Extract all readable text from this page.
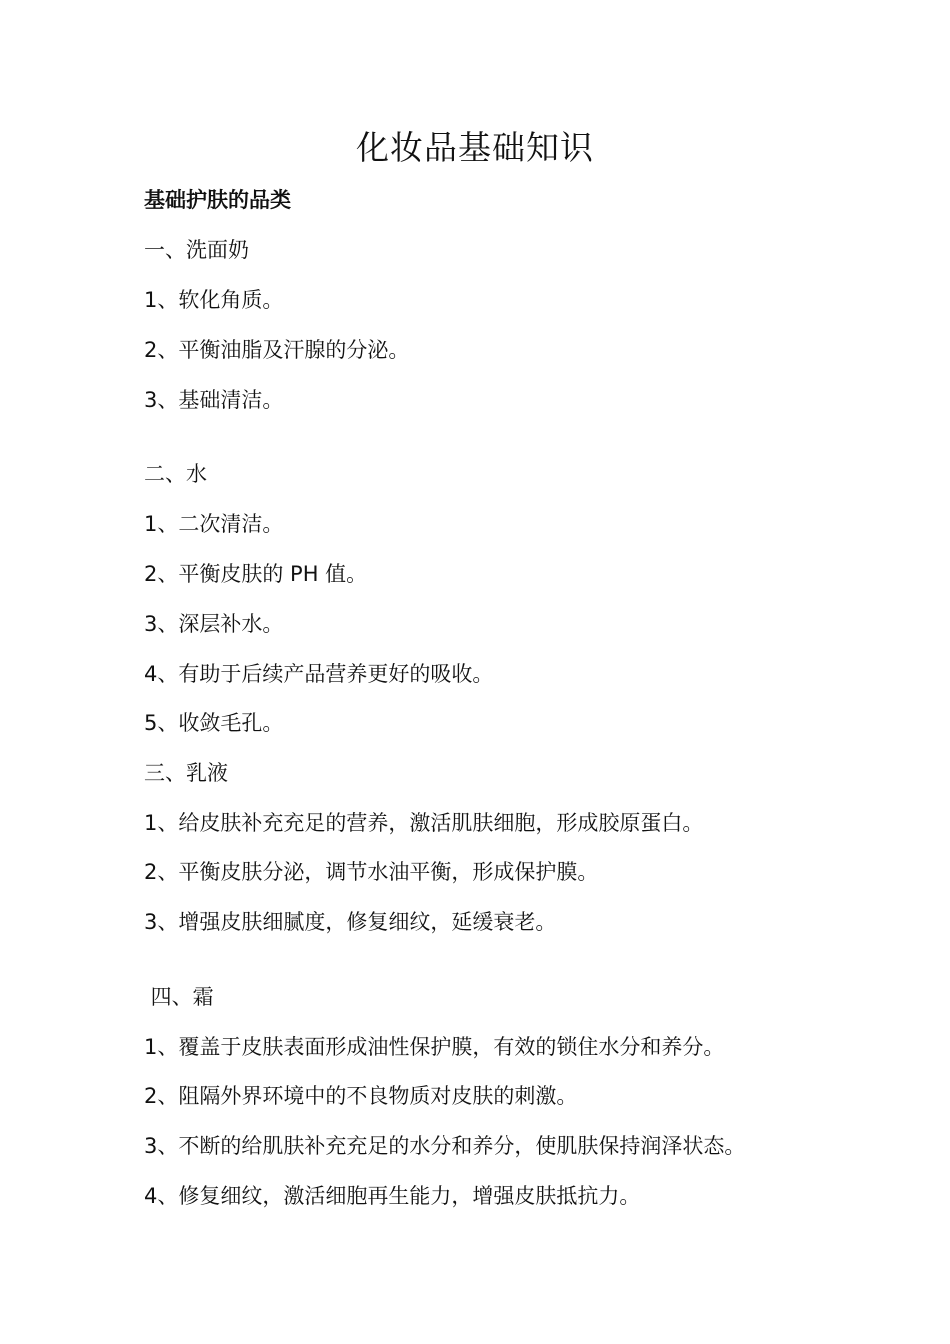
化妆品基础知识
基础护肤的品类
一、洗面奶
1、软化角质。
2、平衡油脂及汗腺的分泌。
3、基础清洁。
二、水
1、二次清洁。
2、平衡皮肤的 PH 值。
3、深层补水。
4、有助于后续产品营养更好的吸收。
5、收敛毛孔。
三、乳液
1、给皮肤补充充足的营养，激活肌肤细胞，形成胶原蛋白。
2、平衡皮肤分泌，调节水油平衡，形成保护膜。
3、增强皮肤细腻度，修复细纹，延缓衰老。
四、霜
1、覆盖于皮肤表面形成油性保护膜，有效的锁住水分和养分。
2、阻隔外界环境中的不良物质对皮肤的刺激。
3、不断的给肌肤补充充足的水分和养分，使肌肤保持润泽状态。
4、修复细纹，激活细胞再生能力，增强皮肤抵抗力。
